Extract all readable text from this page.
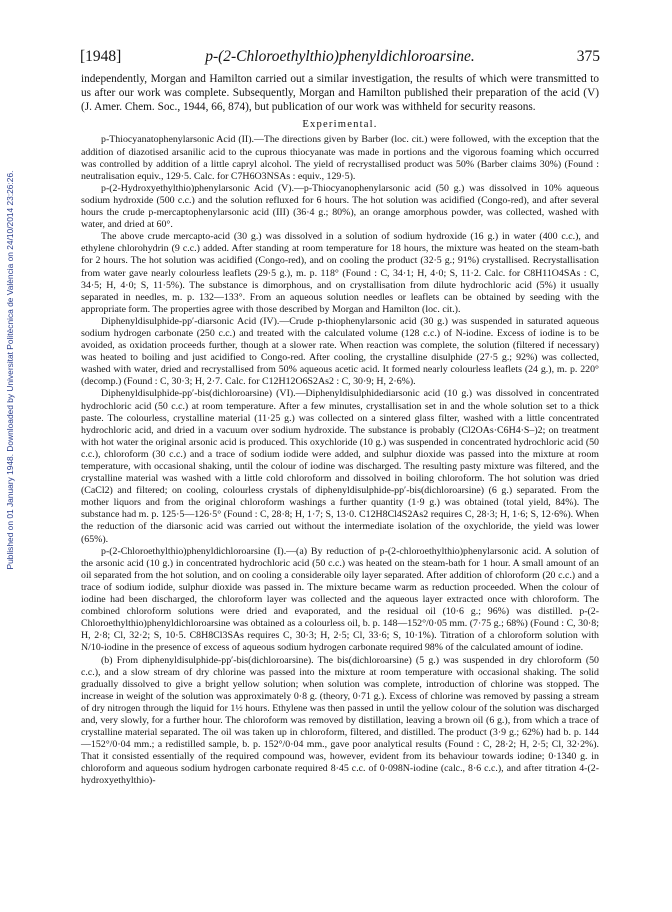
Published on 01 January 1948. Downloaded by Universitat Politècnica de València on 24/10/2014 23:26:26.
[1948]	p-(2-Chloroethylthio)phenyldichloroarsine.	375

independently, Morgan and Hamilton carried out a similar investigation, the results of which were transmitted to us after our work was complete. Subsequently, Morgan and Hamilton published their preparation of the acid (V) (J. Amer. Chem. Soc., 1944, 66, 874), but publication of our work was withheld for security reasons.

Experimental.

p-Thiocyanatophenylarsonic Acid (II).—The directions given by Barber (loc. cit.) were followed, with the exception that the addition of diazotised arsanilic acid to the cuprous thiocyanate was made in portions and the vigorous foaming which occurred was controlled by addition of a little capryl alcohol. The yield of recrystallised product was 50% (Barber claims 30%) (Found : neutralisation equiv., 129·5. Calc. for C7H6O3NSAs : equiv., 129·5).

p-(2-Hydroxyethylthio)phenylarsonic Acid (V).—p-Thiocyanophenylarsonic acid (50 g.) was dissolved in 10% aqueous sodium hydroxide (500 c.c.) and the solution refluxed for 6 hours. The hot solution was acidified (Congo-red), and after several hours the crude p-mercaptophenylarsonic acid (III) (36·4 g.; 80%), an orange amorphous powder, was collected, washed with water, and dried at 60°.

The above crude mercapto-acid (30 g.) was dissolved in a solution of sodium hydroxide (16 g.) in water (400 c.c.), and ethylene chlorohydrin (9 c.c.) added. After standing at room temperature for 18 hours, the mixture was heated on the steam-bath for 2 hours. The hot solution was acidified (Congo-red), and on cooling the product (32·5 g.; 91%) crystallised. Recrystallisation from water gave nearly colourless leaflets (29·5 g.), m. p. 118° (Found : C, 34·1; H, 4·0; S, 11·2. Calc. for C8H11O4SAs : C, 34·5; H, 4·0; S, 11·5%). The substance is dimorphous, and on crystallisation from dilute hydrochloric acid (5%) it usually separated in needles, m. p. 132—133°. From an aqueous solution needles or leaflets can be obtained by seeding with the appropriate form. The properties agree with those described by Morgan and Hamilton (loc. cit.).

Diphenyldisulphide-pp′-diarsonic Acid (IV).—Crude p-thiophenylarsonic acid (30 g.) was suspended in saturated aqueous sodium hydrogen carbonate (250 c.c.) and treated with the calculated volume (128 c.c.) of N-iodine. Excess of iodine is to be avoided, as oxidation proceeds further, though at a slower rate. When reaction was complete, the solution (filtered if necessary) was heated to boiling and just acidified to Congo-red. After cooling, the crystalline disulphide (27·5 g.; 92%) was collected, washed with water, dried and recrystallised from 50% aqueous acetic acid. It formed nearly colourless leaflets (24 g.), m. p. 220° (decomp.) (Found : C, 30·3; H, 2·7. Calc. for C12H12O6S2As2 : C, 30·9; H, 2·6%).

Diphenyldisulphide-pp′-bis(dichloroarsine) (VI).—Diphenyldisulphidediarsonic acid (10 g.) was dissolved in concentrated hydrochloric acid (50 c.c.) at room temperature. After a few minutes, crystallisation set in and the whole solution set to a thick paste. The colourless, crystalline material (11·25 g.) was collected on a sintered glass filter, washed with a little concentrated hydrochloric acid, and dried in a vacuum over sodium hydroxide. The substance is probably (Cl2OAs·C6H4·S–)2; on treatment with hot water the original arsonic acid is produced. This oxychloride (10 g.) was suspended in concentrated hydrochloric acid (50 c.c.), chloroform (30 c.c.) and a trace of sodium iodide were added, and sulphur dioxide was passed into the mixture at room temperature, with occasional shaking, until the colour of iodine was discharged. The resulting pasty mixture was filtered, and the crystalline material was washed with a little cold chloroform and dissolved in boiling chloroform. The hot solution was dried (CaCl2) and filtered; on cooling, colourless crystals of diphenyldisulphide-pp′-bis(dichloroarsine) (6 g.) separated. From the mother liquors and from the original chloroform washings a further quantity (1·9 g.) was obtained (total yield, 84%). The substance had m. p. 125·5—126·5° (Found : C, 28·8; H, 1·7; S, 13·0. C12H8Cl4S2As2 requires C, 28·3; H, 1·6; S, 12·6%). When the reduction of the diarsonic acid was carried out without the intermediate isolation of the oxychloride, the yield was lower (65%).

p-(2-Chloroethylthio)phenyldichloroarsine (I).—(a) By reduction of p-(2-chloroethylthio)phenylarsonic acid. A solution of the arsonic acid (10 g.) in concentrated hydrochloric acid (50 c.c.) was heated on the steam-bath for 1 hour. A small amount of an oil separated from the hot solution, and on cooling a considerable oily layer separated. After addition of chloroform (20 c.c.) and a trace of sodium iodide, sulphur dioxide was passed in. The mixture became warm as reduction proceeded. When the colour of iodine had been discharged, the chloroform layer was collected and the aqueous layer extracted once with chloroform. The combined chloroform solutions were dried and evaporated, and the residual oil (10·6 g.; 96%) was distilled. p-(2-Chloroethylthio)phenyldichloroarsine was obtained as a colourless oil, b. p. 148—152°/0·05 mm. (7·75 g.; 68%) (Found : C, 30·8; H, 2·8; Cl, 32·2; S, 10·5. C8H8Cl3SAs requires C, 30·3; H, 2·5; Cl, 33·6; S, 10·1%). Titration of a chloroform solution with N/10-iodine in the presence of excess of aqueous sodium hydrogen carbonate required 98% of the calculated amount of iodine.

(b) From diphenyldisulphide-pp′-bis(dichloroarsine). The bis(dichloroarsine) (5 g.) was suspended in dry chloroform (50 c.c.), and a slow stream of dry chlorine was passed into the mixture at room temperature with occasional shaking. The solid gradually dissolved to give a bright yellow solution; when solution was complete, introduction of chlorine was stopped. The increase in weight of the solution was approximately 0·8 g. (theory, 0·71 g.). Excess of chlorine was removed by passing a stream of dry nitrogen through the liquid for 1½ hours. Ethylene was then passed in until the yellow colour of the solution was discharged and, very slowly, for a further hour. The chloroform was removed by distillation, leaving a brown oil (6 g.), from which a trace of crystalline material separated. The oil was taken up in chloroform, filtered, and distilled. The product (3·9 g.; 62%) had b. p. 144—152°/0·04 mm.; a redistilled sample, b. p. 152°/0·04 mm., gave poor analytical results (Found : C, 28·2; H, 2·5; Cl, 32·2%). That it consisted essentially of the required compound was, however, evident from its behaviour towards iodine; 0·1340 g. in chloroform and aqueous sodium hydrogen carbonate required 8·45 c.c. of 0·098N-iodine (calc., 8·6 c.c.), and after titration 4-(2-hydroxyethylthio)-
